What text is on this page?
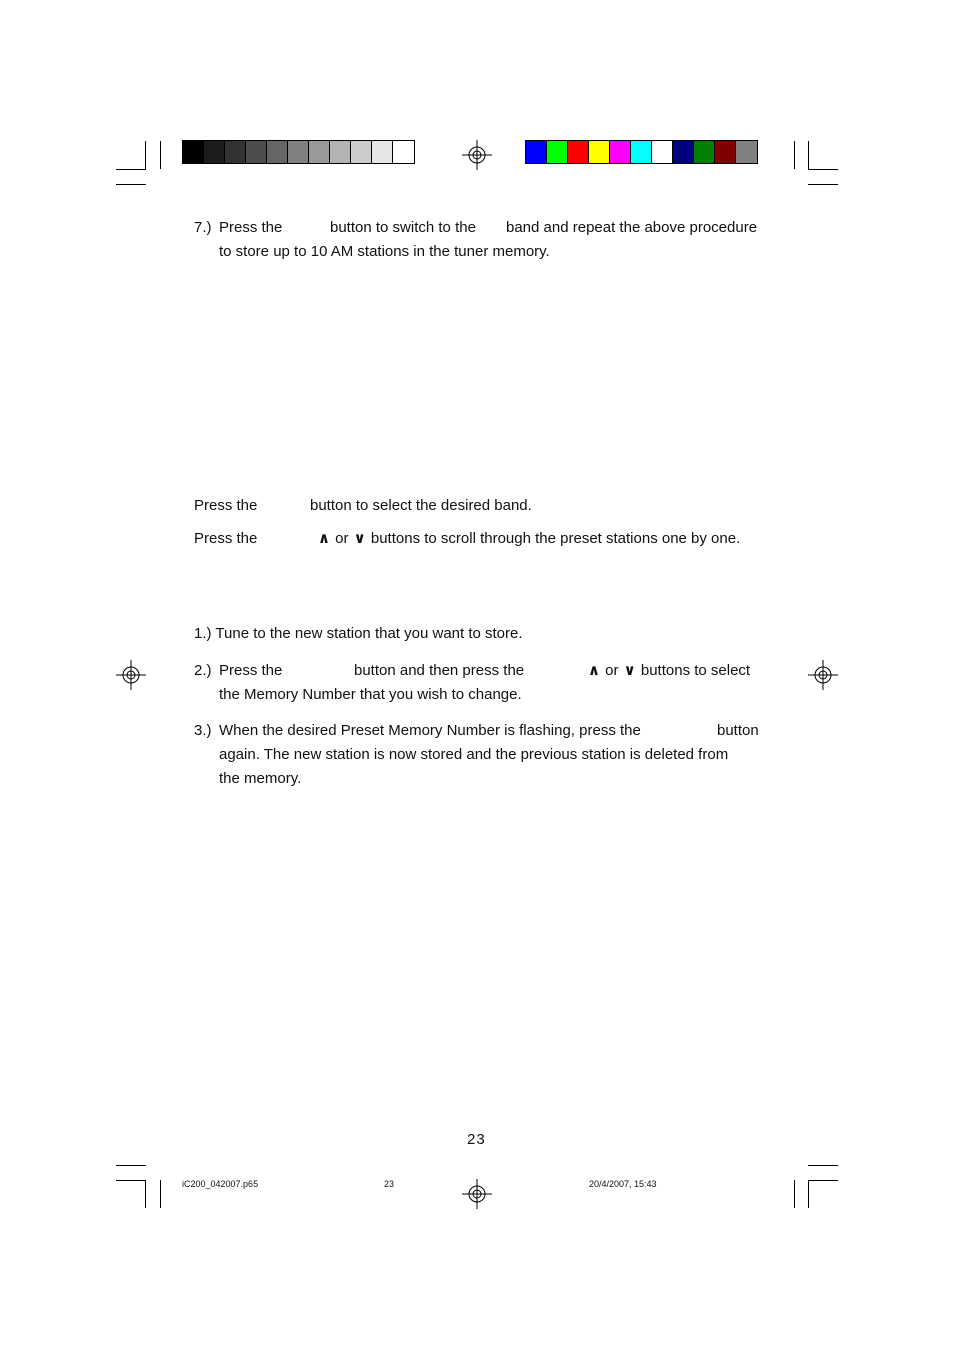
7.) Press the	button to switch to the band and repeat the above procedure
to store up to 10 AM stations in the tuner memory.
Press the	button to select the desired band.
Press the	∧ or ∨ buttons to scroll through the preset stations one by one.
1.) Tune to the new station that you want to store.
2.) Press the	button and then press the	∧ or ∨ buttons to select
the Memory Number that you wish to change.
3.) When the desired Preset Memory Number is flashing, press the	button
again. The new station is now stored and the previous station is deleted from
the memory.
23
iC200_042007.p65	23	20/4/2007, 15:43
